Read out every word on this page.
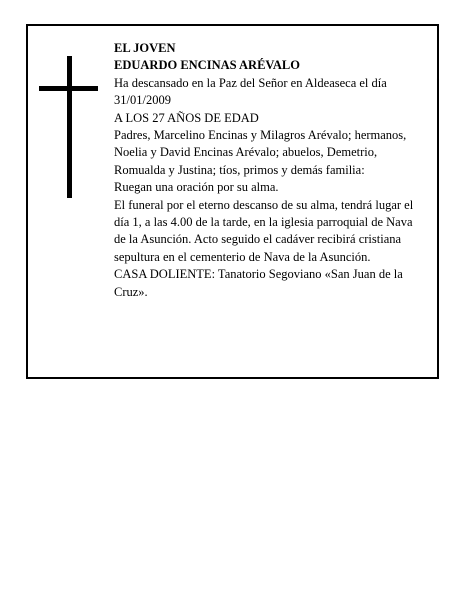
EL JOVEN

EDUARDO ENCINAS ARÉVALO

Ha descansado en la Paz del Señor en Aldeaseca el día 31/01/2009

A LOS 27 AÑOS DE EDAD

Padres, Marcelino Encinas y Milagros Arévalo; hermanos, Noelia y David Encinas Arévalo; abuelos, Demetrio, Romualda y Justina; tíos, primos y demás familia:

Ruegan una oración por su alma.

El funeral por el eterno descanso de su alma, tendrá lugar el día 1, a las 4.00 de la tarde, en la iglesia parroquial de Nava de la Asunción. Acto seguido el cadáver recibirá cristiana sepultura en el cementerio de Nava de la Asunción.

CASA DOLIENTE: Tanatorio Segoviano «San Juan de la Cruz».
